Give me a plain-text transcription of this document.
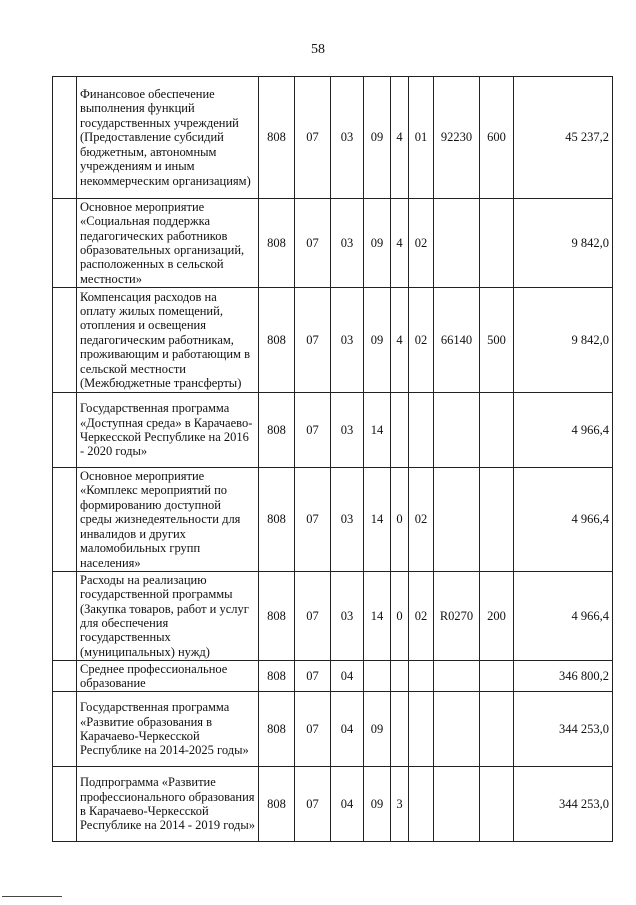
58
	Финансовое обеспечение выполнения функций государственных учреждений (Предоставление субсидий бюджетным, автономным учреждениям и иным некоммерческим организациям)	808	07	03	09	4	01	92230	600	45 237,2
	Основное мероприятие «Социальная поддержка педагогических работников образовательных организаций, расположенных в сельской местности»	808	07	03	09	4	02			9 842,0
	Компенсация расходов на оплату жилых помещений, отопления и освещения педагогическим работникам, проживающим и работающим в сельской местности (Межбюджетные трансферты)	808	07	03	09	4	02	66140	500	9 842,0
	Государственная программа «Доступная среда» в Карачаево-Черкесской Республике на 2016 - 2020 годы»	808	07	03	14					4 966,4
	Основное мероприятие «Комплекс мероприятий по формированию доступной среды жизнедеятельности для инвалидов и других маломобильных групп населения»	808	07	03	14	0	02			4 966,4
	Расходы на реализацию государственной программы (Закупка товаров, работ и услуг для обеспечения государственных (муниципальных) нужд)	808	07	03	14	0	02	R0270	200	4 966,4
	Среднее профессиональное образование	808	07	04						346 800,2
	Государственная программа «Развитие образования в Карачаево-Черкесской Республике на 2014-2025 годы»	808	07	04	09					344 253,0
	Подпрограмма «Развитие профессионального образования в Карачаево-Черкесской Республике на 2014 - 2019 годы»	808	07	04	09	3				344 253,0
